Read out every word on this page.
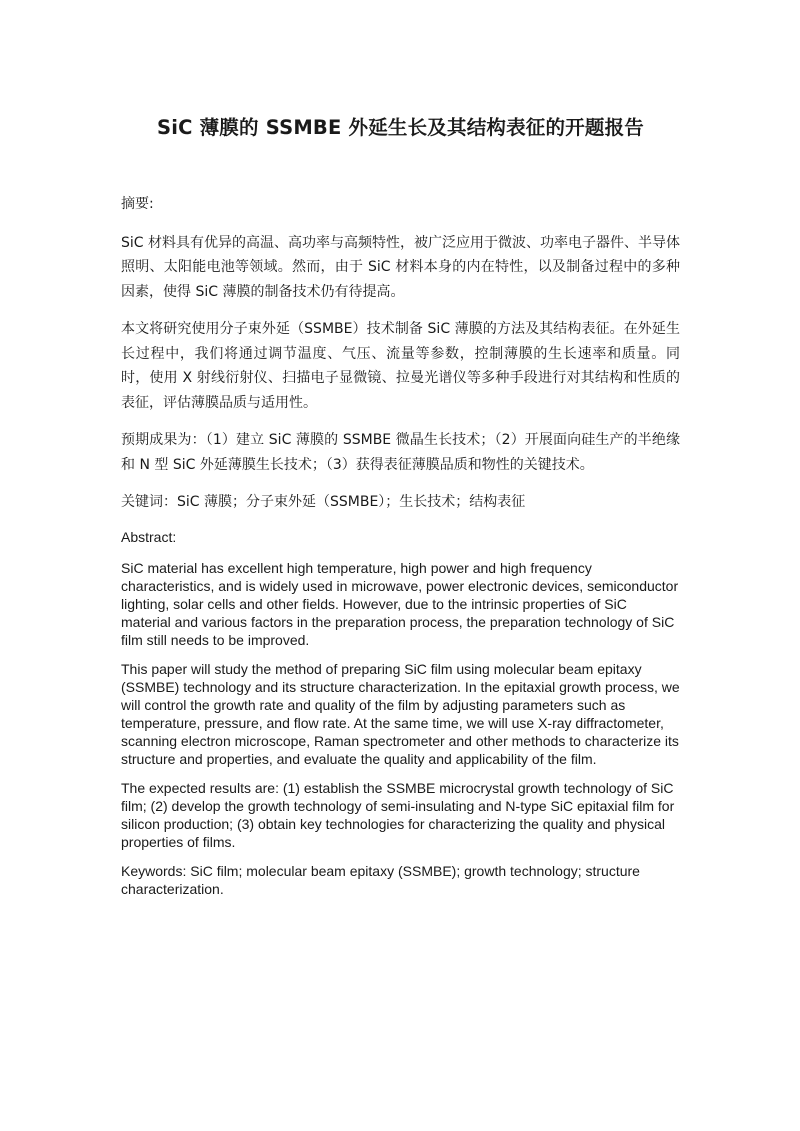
SiC 薄膜的 SSMBE 外延生长及其结构表征的开题报告

摘要:

SiC 材料具有优异的高温、高功率与高频特性，被广泛应用于微波、功率电子器件、半导体照明、太阳能电池等领域。然而，由于 SiC 材料本身的内在特性，以及制备过程中的多种因素，使得 SiC 薄膜的制备技术仍有待提高。

本文将研究使用分子束外延（SSMBE）技术制备 SiC 薄膜的方法及其结构表征。在外延生长过程中，我们将通过调节温度、气压、流量等参数，控制薄膜的生长速率和质量。同时，使用 X 射线衍射仪、扫描电子显微镜、拉曼光谱仪等多种手段进行对其结构和性质的表征，评估薄膜品质与适用性。

预期成果为：（1）建立 SiC 薄膜的 SSMBE 微晶生长技术；（2）开展面向硅生产的半绝缘和 N 型 SiC 外延薄膜生长技术；（3）获得表征薄膜品质和物性的关键技术。

关键词：SiC 薄膜；分子束外延（SSMBE）；生长技术；结构表征

Abstract:

SiC material has excellent high temperature, high power and high frequency characteristics, and is widely used in microwave, power electronic devices, semiconductor lighting, solar cells and other fields. However, due to the intrinsic properties of SiC material and various factors in the preparation process, the preparation technology of SiC film still needs to be improved.

This paper will study the method of preparing SiC film using molecular beam epitaxy (SSMBE) technology and its structure characterization. In the epitaxial growth process, we will control the growth rate and quality of the film by adjusting parameters such as temperature, pressure, and flow rate. At the same time, we will use X-ray diffractometer, scanning electron microscope, Raman spectrometer and other methods to characterize its structure and properties, and evaluate the quality and applicability of the film.

The expected results are: (1) establish the SSMBE microcrystal growth technology of SiC film; (2) develop the growth technology of semi-insulating and N-type SiC epitaxial film for silicon production; (3) obtain key technologies for characterizing the quality and physical properties of films.

Keywords: SiC film; molecular beam epitaxy (SSMBE); growth technology; structure characterization.
